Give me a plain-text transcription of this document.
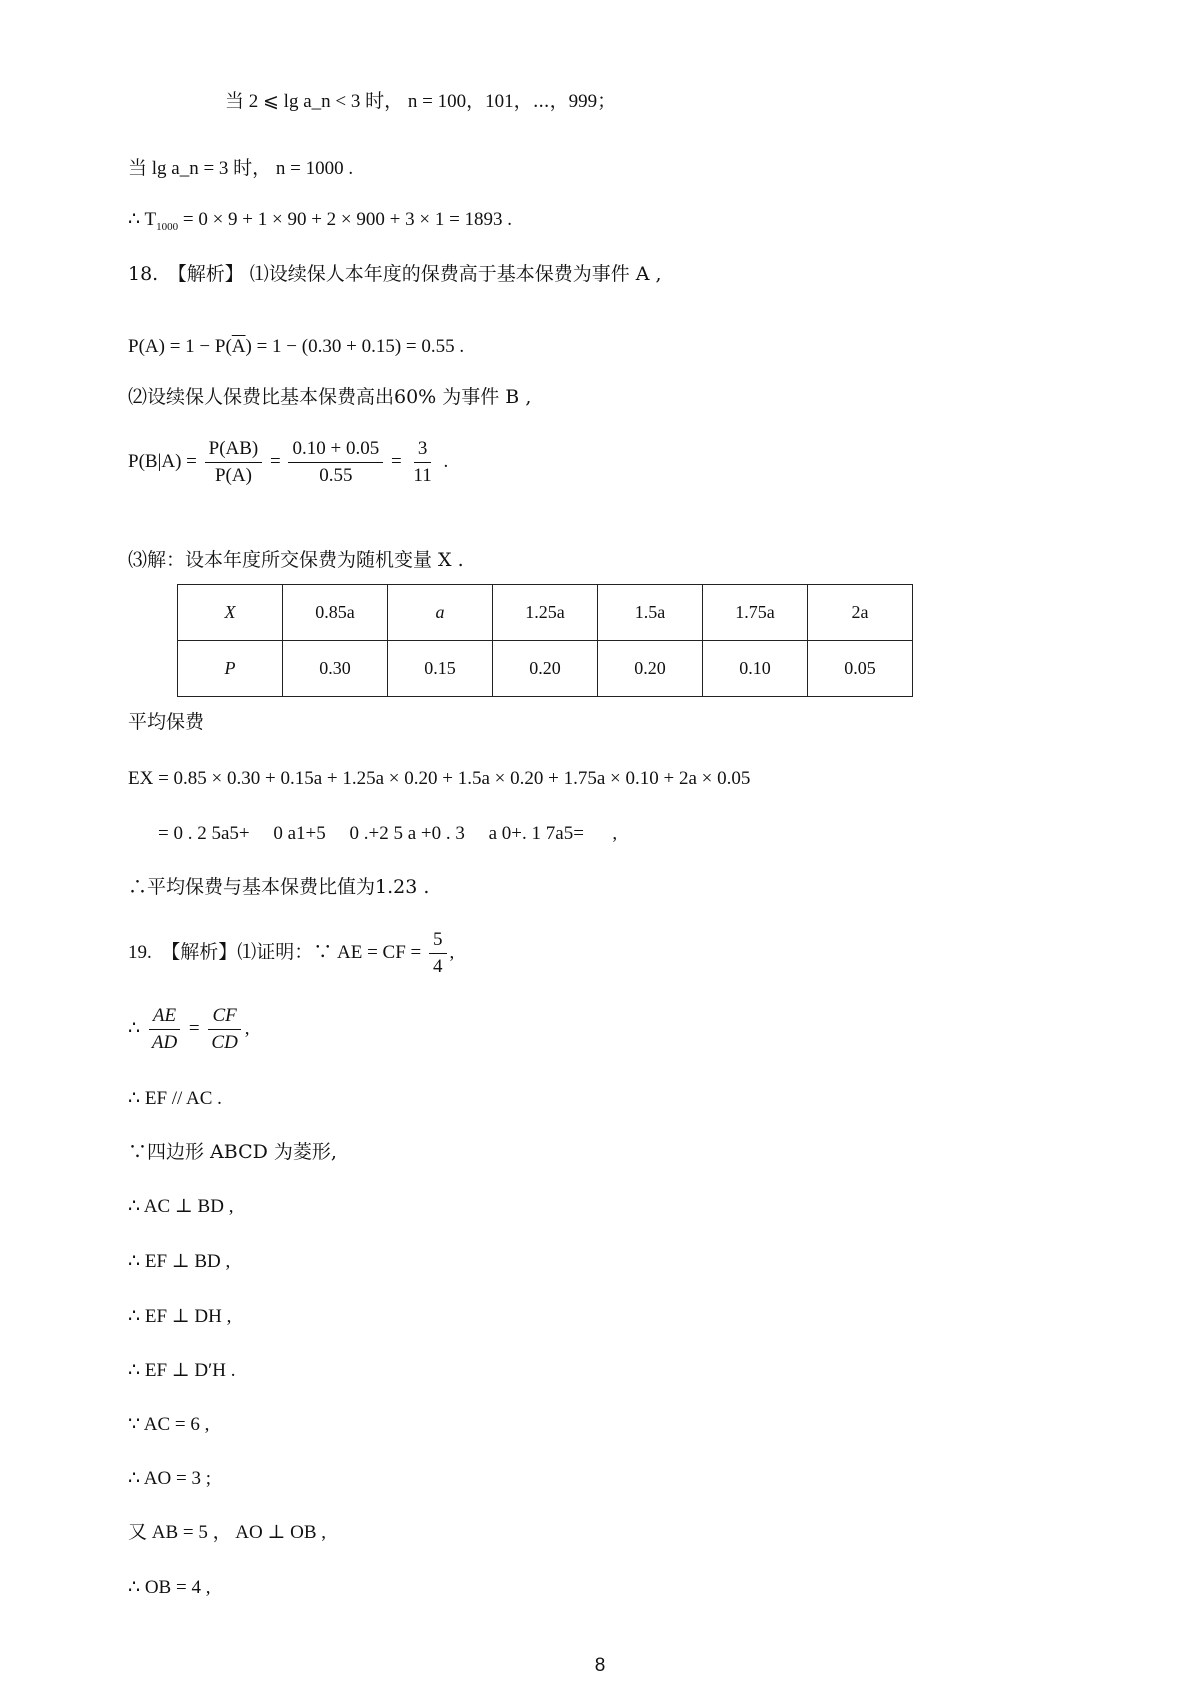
当 2 ⩽ lg a_n < 3 时， n = 100，101，⋯，999；
当 lg a_n = 3 时， n = 1000 .
∴ $T_{1000} = 0 \times 9 + 1 \times 90 + 2 \times 900 + 3 \times 1 = 1893$ .
18.　【解析】 ⑴设续保人本年度的保费高于基本保费为事件 A ,
$P(A) = 1 - P(\overline{A}) = 1 - (0.30 + 0.15) = 0.55$ .
⑵设续保人保费比基本保费高出60% 为事件 B ,
$P(B|A) = \frac{P(AB)}{P(A)} = \frac{0.10 + 0.05}{0.55} = \frac{3}{11}$ .
⑶解：设本年度所交保费为随机变量 X .
X	0.85a	a	1.25a	1.5a	1.75a	2a
P	0.30	0.15	0.20	0.20	0.10	0.05
平均保费
EX = 0.85 × 0.30 + 0.15a + 1.25a × 0.20 + 1.5a × 0.20 + 1.75a × 0.10 + 2a × 0.05
= 0 . 2 5a5+ 　0 a1+5 　0 .+2 5 a +0 . 3 　a 0+. 1 7a5= 　 ,
∴平均保费与基本保费比值为1.23 .
19.　【解析】⑴证明：∵ AE = CF = $\frac{5}{4}$ ,
∴ $\frac{AE}{AD} = \frac{CF}{CD}$ ,
∴ EF // AC .
∵四边形 ABCD 为菱形,
∴ AC ⊥ BD ,
∴ EF ⊥ BD ,
∴ EF ⊥ DH ,
∴ EF ⊥ D′H .
∵ AC = 6 ,
∴ AO = 3 ;
又 AB = 5 ， AO ⊥ OB ,
∴ OB = 4 ,
8
